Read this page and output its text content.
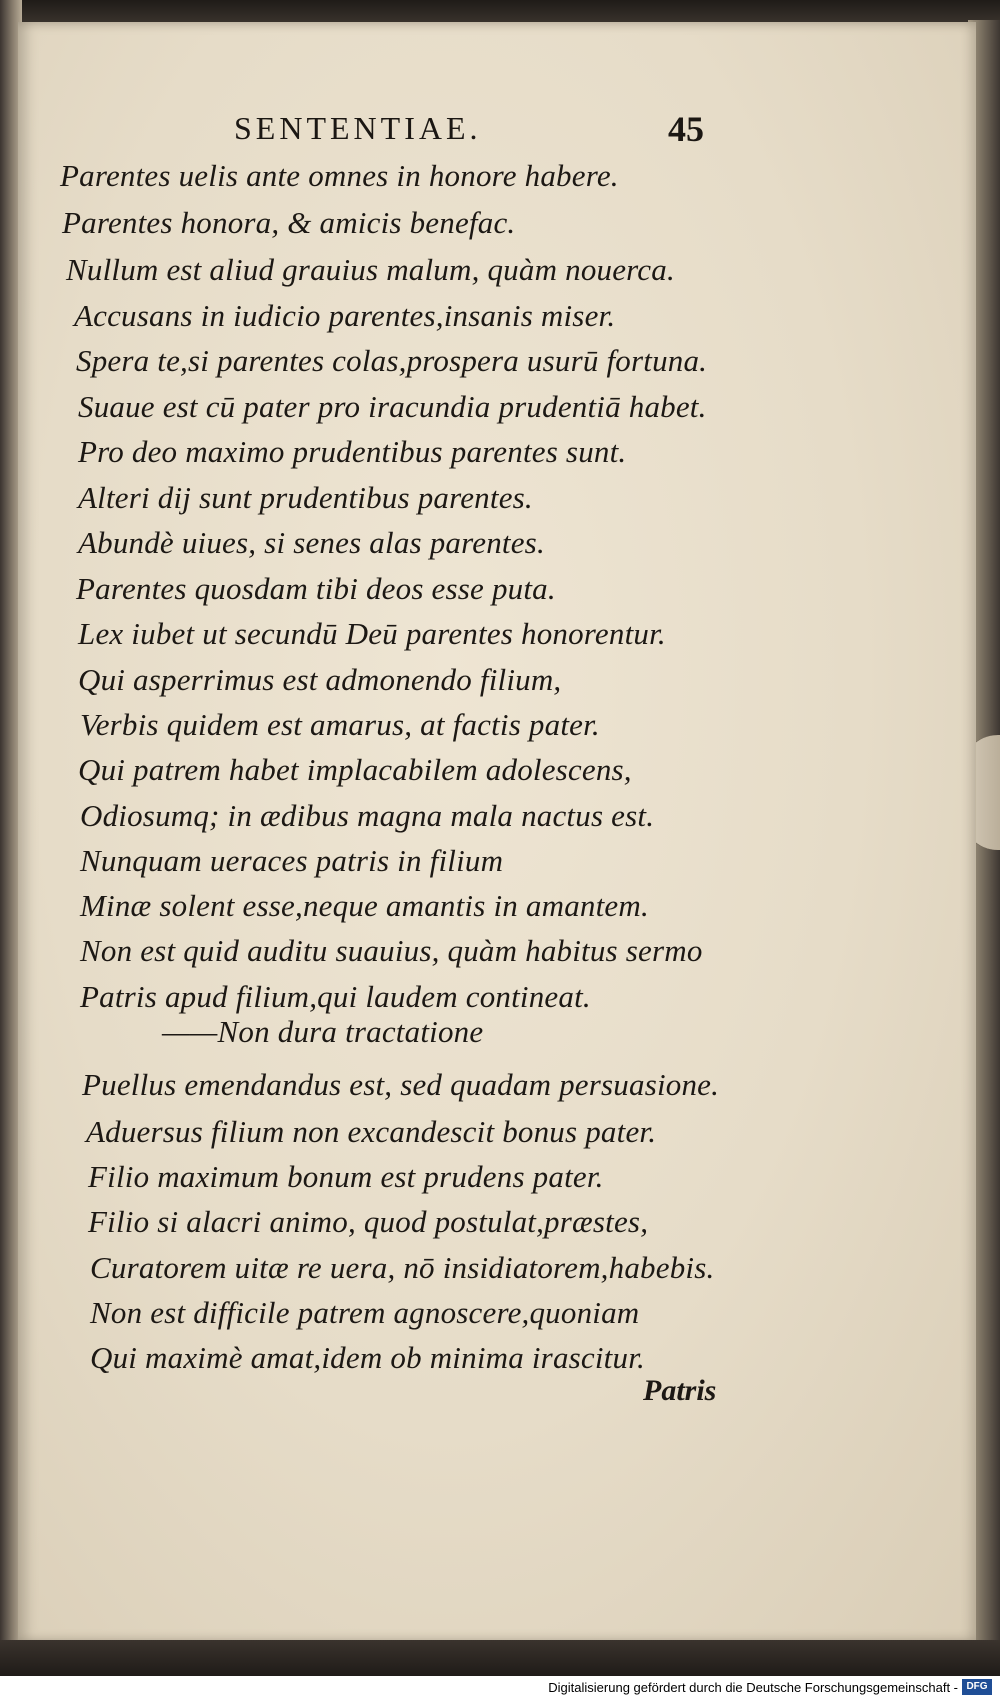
SENTENTIAE.	45
Parentes uelis ante omnes in honore habere.
Parentes honora, & amicis benefac.
Nullum est aliud grauius malum, quàm nouerca.
Accusans in iudicio parentes,insanis miser.
Spera te,si parentes colas,prospera usurū fortuna.
Suaue est cū pater pro iracundia prudentiā habet.
Pro deo maximo prudentibus parentes sunt.
Alteri dij sunt prudentibus parentes.
Abundè uiues, si senes alas parentes.
Parentes quosdam tibi deos esse puta.
Lex iubet ut secundū Deū parentes honorentur.
Qui asperrimus est admonendo filium,
Verbis quidem est amarus, at factis pater.
Qui patrem habet implacabilem adolescens,
Odiosumq; in ædibus magna mala nactus est.
Nunquam ueraces patris in filium
Minæ solent esse,neque amantis in amantem.
Non est quid auditu suauius, quàm habitus sermo
Patris apud filium,qui laudem contineat.
——Non dura tractatione
Puellus emendandus est, sed quadam persuasione.
Aduersus filium non excandescit bonus pater.
Filio maximum bonum est prudens pater.
Filio si alacri animo, quod postulat,præstes,
Curatorem uitæ re uera, nō insidiatorem,habebis.
Non est difficile patrem agnoscere,quoniam
Qui maximè amat,idem ob minima irascitur.
Patris
Digitalisierung gefördert durch die Deutsche Forschungsgemeinschaft - DFG
